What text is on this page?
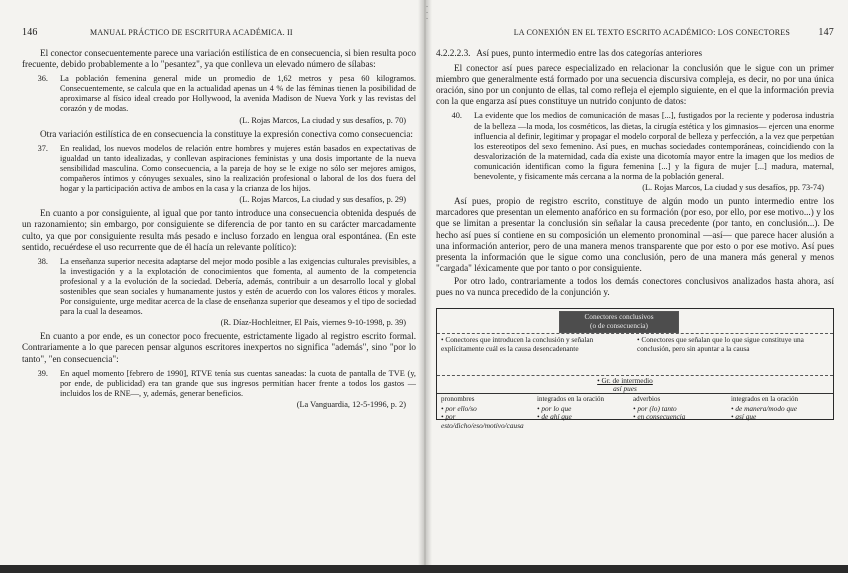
146	MANUAL PRÁCTICO DE ESCRITURA ACADÉMICA. II

El conector consecuentemente parece una variación estilística de en consecuencia, si bien resulta poco frecuente, debido probablemente a lo "pesantez", ya que conlleva un elevado número de sílabas:

36.	La población femenina general mide un promedio de 1,62 metros y pesa 60 kilogramos. Consecuentemente, se calcula que en la actualidad apenas un 4 % de las féminas tienen la posibilidad de aproximarse al físico ideal creado por Hollywood, la avenida Madison de Nueva York y las revistas del corazón y de modas.

(L. Rojas Marcos, La ciudad y sus desafíos, p. 70)

Otra variación estilística de en consecuencia la constituye la expresión conectiva como consecuencia:

37.	En realidad, los nuevos modelos de relación entre hombres y mujeres están basados en expectativas de igualdad un tanto idealizadas, y conllevan aspiraciones feministas y una dosis importante de la nueva sensibilidad masculina. Como consecuencia, a la pareja de hoy se le exige no sólo ser mejores amigos, compañeros íntimos y cónyuges sexuales, sino la realización profesional o laboral de los dos fuera del hogar y la participación activa de ambos en la casa y la crianza de los hijos.

(L. Rojas Marcos, La ciudad y sus desafíos, p. 29)

En cuanto a por consiguiente, al igual que por tanto introduce una consecuencia obtenida después de un razonamiento; sin embargo, por consiguiente se diferencia de por tanto en su carácter marcadamente culto, ya que por consiguiente resulta más pesado e incluso forzado en lengua oral espontánea. (En este sentido, recuérdese el uso recurrente que de él hacía un relevante político):

38.	La enseñanza superior necesita adaptarse del mejor modo posible a las exigencias culturales previsibles, a la investigación y a la explotación de conocimientos que fomenta, al aumento de la competencia profesional y a la evolución de la sociedad. Debería, además, contribuir a un desarrollo local y global sostenibles que sean sociales y humanamente justos y estén de acuerdo con los valores éticos y morales. Por consiguiente, urge meditar acerca de la clase de enseñanza superior que deseamos y el tipo de sociedad para la cual la deseamos.

(R. Díaz-Hochleitner, El País, viernes 9-10-1998, p. 39)

En cuanto a por ende, es un conector poco frecuente, estrictamente ligado al registro escrito formal. Contrariamente a lo que parecen pensar algunos escritores inexpertos no significa "además", sino "por lo tanto", "en consecuencia":

39.	En aquel momento [febrero de 1990], RTVE tenía sus cuentas saneadas: la cuota de pantalla de TVE (y, por ende, de publicidad) era tan grande que sus ingresos permitían hacer frente a todos los gastos —incluidos los de RNE—, y, además, generar beneficios.

(La Vanguardia, 12-5-1996, p. 2)
·
·
·
LA CONEXIÓN EN EL TEXTO ESCRITO ACADÉMICO: LOS CONECTORES	147
4.2.2.2.3. Así pues, punto intermedio entre las dos categorías anteriores

El conector así pues parece especializado en relacionar la conclusión que le sigue con un primer miembro que generalmente está formado por una secuencia discursiva compleja, es decir, no por una única oración, sino por un conjunto de ellas, tal como refleja el ejemplo siguiente, en el que la información previa con la que engarza así pues constituye un nutrido conjunto de datos:

40.	La evidente que los medios de comunicación de masas [...], fustigados por la reciente y poderosa industria de la belleza —la moda, los cosméticos, las dietas, la cirugía estética y los gimnasios— ejercen una enorme influencia al definir, legitimar y propagar el modelo corporal de belleza y perfección, a la vez que perpetúan los estereotipos del sexo femenino. Así pues, en muchas sociedades contemporáneas, coincidiendo con la desvalorización de la maternidad, cada día existe una dicotomía mayor entre la imagen que los medios de comunicación identifican como la figura femenina [...] y la figura de mujer [...] madura, maternal, benevolente, y fisicamente más cercana a la norma de la población general.

(L. Rojas Marcos, La ciudad y sus desafíos, pp. 73-74)

Así pues, propio de registro escrito, constituye de algún modo un punto intermedio entre los marcadores que presentan un elemento anafórico en su formación (por eso, por ello, por ese motivo...) y los que se limitan a presentar la conclusión sin señalar la causa precedente (por tanto, en conclusión...). De hecho así pues sí contiene en su composición un elemento pronominal —así— que parece hacer alusión a una información anterior, pero de una manera menos transparente que por esto o por ese motivo. Así pues presenta la información que le sigue como una conclusión, pero de una manera más general y menos "cargada" léxicamente que por tanto o por consiguiente.

Por otro lado, contrariamente a todos los demás conectores conclusivos analizados hasta ahora, así pues no va nunca precedido de la conjunción y.

Conectores conclusivos
(o de consecuencia)
• Conectores que introducen la conclusión y señalan explícitamente cuál es la causa desencadenante
• Conectores que señalan que lo que sigue constituye una conclusión, pero sin apuntar a la causa
• Gr. de intermedio
así pues
pronombres
• por ello/so
• por esto/dicho/eso/motivo/causa
integrados en la oración
• por lo que
• de ahí que
adverbios
• por (lo) tanto
• en consecuencia
integrados en la oración
• de manera/modo que
• así que
